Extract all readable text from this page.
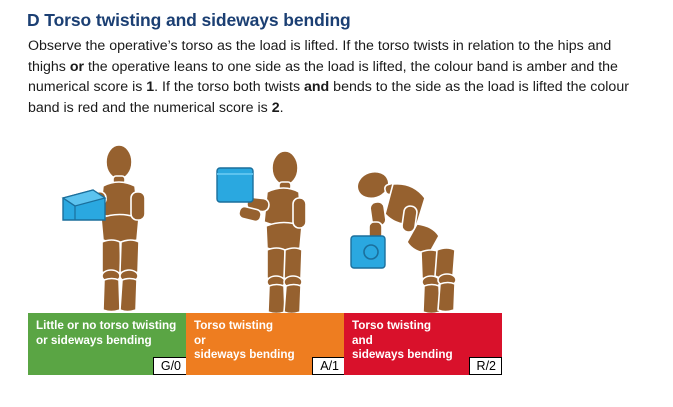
D Torso twisting and sideways bending
Observe the operative’s torso as the load is lifted. If the torso twists in relation to the hips and thighs or the operative leans to one side as the load is lifted, the colour band is amber and the numerical score is 1. If the torso both twists and bends to the side as the load is lifted the colour band is red and the numerical score is 2.
Little or no torso twisting
or sideways bending
G/0
Torso twisting
or
sideways bending
A/1
Torso twisting
and
sideways bending
R/2
